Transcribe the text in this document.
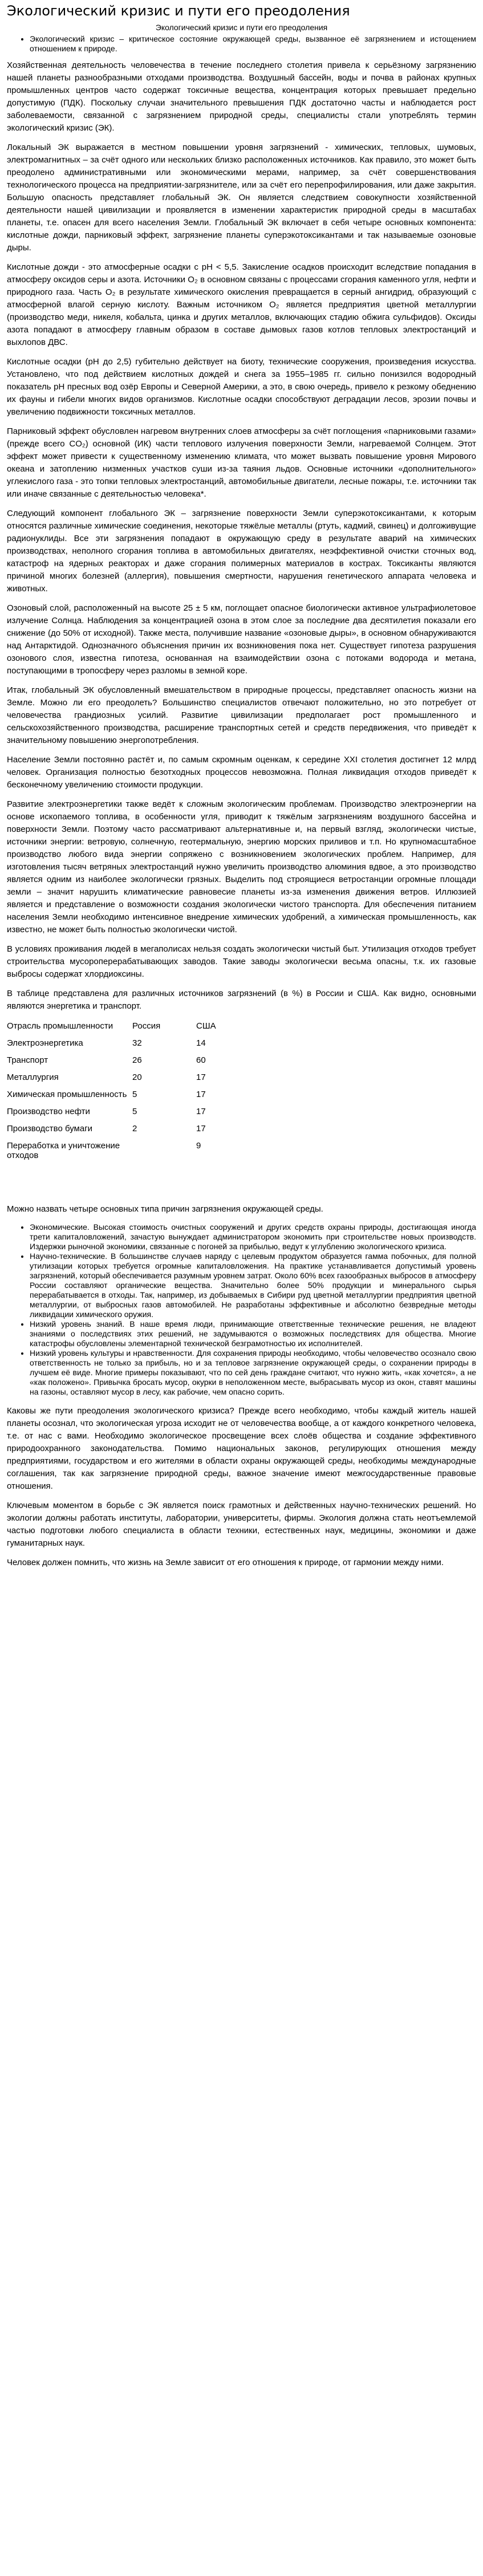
Экологический кризис и пути его преодоления
Экологический кризис и пути его преодоления
• Экологический кризис – критическое состояние окружающей среды, вызванное её загрязнением и истощением отношением к природе.

Хозяйственная деятельность человечества в течение последнего столетия привела к серьёзному загрязнению нашей планеты разнообразными отходами производства. Воздушный бассейн, воды и почва в районах крупных промышленных центров часто содержат токсичные вещества, концентрация которых превышает предельно допустимую (ПДК). Поскольку случаи значительного превышения ПДК достаточно часты и наблюдается рост заболеваемости, связанной с загрязнением природной среды, специалисты стали употреблять термин экологический кризис (ЭК).

Локальный ЭК выражается в местном повышении уровня загрязнений - химических, тепловых, шумовых, электромагнитных – за счёт одного или нескольких близко расположенных источников. Как правило, это может быть преодолено административными или экономическими мерами, например, за счёт совершенствования технологического процесса на предприятии-загрязнителе, или за счёт его перепрофилирования, или даже закрытия. Большую опасность представляет глобальный ЭК. Он является следствием совокупности хозяйственной деятельности нашей цивилизации и проявляется в изменении характеристик природной среды в масштабах планеты, т.е. опасен для всего населения Земли. Глобальный ЭК включает в себя четыре основных компонента: кислотные дожди, парниковый эффект, загрязнение планеты суперэкотоксикантами и так называемые озоновые дыры.

Кислотные дожди - это атмосферные осадки с pH < 5,5. Закисление осадков происходит вследствие попадания в атмосферу оксидов серы и азота. Источники O₂ в основном связаны с процессами сгорания каменного угля, нефти и природного газа. Часть O₂ в результате химического окисления превращается в серный ангидрид, образующий с атмосферной влагой серную кислоту. Важным источником O₂ является предприятия цветной металлургии (производство меди, никеля, кобальта, цинка и других металлов, включающих стадию обжига сульфидов). Оксиды азота попадают в атмосферу главным образом в составе дымовых газов котлов тепловых электростанций и выхлопов ДВС.

Кислотные осадки (pH до 2,5) губительно действует на биоту, технические сооружения, произведения искусства. Установлено, что под действием кислотных дождей и снега за 1955–1985 гг. сильно понизился водородный показатель pH пресных вод озёр Европы и Северной Америки, а это, в свою очередь, привело к резкому обеднению их фауны и гибели многих видов организмов. Кислотные осадки способствуют деградации лесов, эрозии почвы и увеличению подвижности токсичных металлов.

Парниковый эффект обусловлен нагревом внутренних слоев атмосферы за счёт поглощения «парниковыми газами» (прежде всего CO₂) основной (ИК) части теплового излучения поверхности Земли, нагреваемой Солнцем. Этот эффект может привести к существенному изменению климата, что может вызвать повышение уровня Мирового океана и затоплению низменных участков суши из-за таяния льдов. Основные источники «дополнительного» углекислого газа - это топки тепловых электростанций, автомобильные двигатели, лесные пожары, т.е. источники так или иначе связанные с деятельностью человека*.

Следующий компонент глобального ЭК – загрязнение поверхности Земли суперэкотоксикантами, к которым относятся различные химические соединения, некоторые тяжёлые металлы (ртуть, кадмий, свинец) и долгоживущие радионуклиды. Все эти загрязнения попадают в окружающую среду в результате аварий на химических производствах, неполного сгорания топлива в автомобильных двигателях, неэффективной очистки сточных вод, катастроф на ядерных реакторах и даже сгорания полимерных материалов в кострах. Токсиканты являются причиной многих болезней (аллергия), повышения смертности, нарушения генетического аппарата человека и животных.

Озоновый слой, расположенный на высоте 25 ± 5 км, поглощает опасное биологически активное ультрафиолетовое излучение Солнца. Наблюдения за концентрацией озона в этом слое за последние два десятилетия показали его снижение (до 50% от исходной). Также места, получившие название «озоновые дыры», в основном обнаруживаются над Антарктидой. Однозначного объяснения причин их возникновения пока нет. Существует гипотеза разрушения озонового слоя, известна гипотеза, основанная на взаимодействии озона с потоками водорода и метана, поступающими в тропосферу через разломы в земной коре.

Итак, глобальный ЭК обусловленный вмешательством в природные процессы, представляет опасность жизни на Земле. Можно ли его преодолеть? Большинство специалистов отвечают положительно, но это потребует от человечества грандиозных усилий. Развитие цивилизации предполагает рост промышленного и сельскохозяйственного производства, расширение транспортных сетей и средств передвижения, что приведёт к значительному повышению энергопотребления.

Население Земли постоянно растёт и, по самым скромным оценкам, к середине XXI столетия достигнет 12 млрд человек. Организация полностью безотходных процессов невозможна. Полная ликвидация отходов приведёт к бесконечному увеличению стоимости продукции.

Развитие электроэнергетики также ведёт к сложным экологическим проблемам. Производство электроэнергии на основе ископаемого топлива, в особенности угля, приводит к тяжёлым загрязнениям воздушного бассейна и поверхности Земли. Поэтому часто рассматривают альтернативные и, на первый взгляд, экологически чистые, источники энергии: ветровую, солнечную, геотермальную, энергию морских приливов и т.п. Но крупномасштабное производство любого вида энергии сопряжено с возникновением экологических проблем. Например, для изготовления тысяч ветряных электростанций нужно увеличить производство алюминия вдвое, а это производство является одним из наиболее экологически грязных. Выделить под строящиеся ветростанции огромные площади земли – значит нарушить климатические равновесие планеты из-за изменения движения ветров. Иллюзией является и представление о возможности создания экологически чистого транспорта. Для обеспечения питанием населения Земли необходимо интенсивное внедрение химических удобрений, а химическая промышленность, как известно, не может быть полностью экологически чистой.

В условиях проживания людей в мегаполисах нельзя создать экологически чистый быт. Утилизация отходов требует строительства мусороперерабатывающих заводов. Такие заводы экологически весьма опасны, т.к. их газовые выбросы содержат хлордиоксины.

В таблице представлена для различных источников загрязнений (в %) в России и США. Как видно, основными являются энергетика и транспорт.

Отрасль промышленности	Россия	США
Электроэнергетика	32	14
Транспорт	26	60
Металлургия	20	17
Химическая промышленность	5	17
Производство нефти	5	17
Производство бумаги	2	17
Переработка и уничтожение отходов		9

Можно назвать четыре основных типа причин загрязнения окружающей среды.

• Экономические. Высокая стоимость очистных сооружений и других средств охраны природы, достигающая иногда трети капиталовложений, зачастую вынуждает администратором экономить при строительстве новых производств. Издержки рыночной экономики, связанные с погоней за прибылью, ведут к углублению экологического кризиса.
• Научно-технические. В большинстве случаев наряду с целевым продуктом образуется гамма побочных, для полной утилизации которых требуется огромные капиталовложения. На практике устанавливается допустимый уровень загрязнений, который обеспечивается разумным уровнем затрат. Около 60% всех газообразных выбросов в атмосферу России составляют органические вещества. Значительно более 50% продукции и минерального сырья перерабатывается в отходы. Так, например, из добываемых в Сибири руд цветной металлургии предприятия цветной металлургии, от выбросных газов автомобилей. Не разработаны эффективные и абсолютно безвредные методы ликвидации химического оружия.
• Низкий уровень знаний. В наше время люди, принимающие ответственные технические решения, не владеют знаниями о последствиях этих решений, не задумываются о возможных последствиях для общества. Многие катастрофы обусловлены элементарной технической безграмотностью их исполнителей.
• Низкий уровень культуры и нравственности. Для сохранения природы необходимо, чтобы человечество осознало свою ответственность не только за прибыль, но и за тепловое загрязнение окружающей среды, о сохранении природы в лучшем её виде. Многие примеры показывают, что по сей день граждане считают, что нужно жить, «как хочется», а не «как положено». Привычка бросать мусор, окурки в неположенном месте, выбрасывать мусор из окон, ставят машины на газоны, оставляют мусор в лесу, как рабочие, чем опасно сорить.

Каковы же пути преодоления экологического кризиса? Прежде всего необходимо, чтобы каждый житель нашей планеты осознал, что экологическая угроза исходит не от человечества вообще, а от каждого конкретного человека, т.е. от нас с вами. Необходимо экологическое просвещение всех слоёв общества и создание эффективного природоохранного законодательства. Помимо национальных законов, регулирующих отношения между предприятиями, государством и его жителями в области охраны окружающей среды, необходимы международные соглашения, так как загрязнение природной среды, важное значение имеют межгосударственные правовые отношения.

Ключевым моментом в борьбе с ЭК является поиск грамотных и действенных научно-технических решений. Но экологии должны работать институты, лаборатории, университеты, фирмы. Экология должна стать неотъемлемой частью подготовки любого специалиста в области техники, естественных наук, медицины, экономики и даже гуманитарных наук.

Человек должен помнить, что жизнь на Земле зависит от его отношения к природе, от гармонии между ними.
